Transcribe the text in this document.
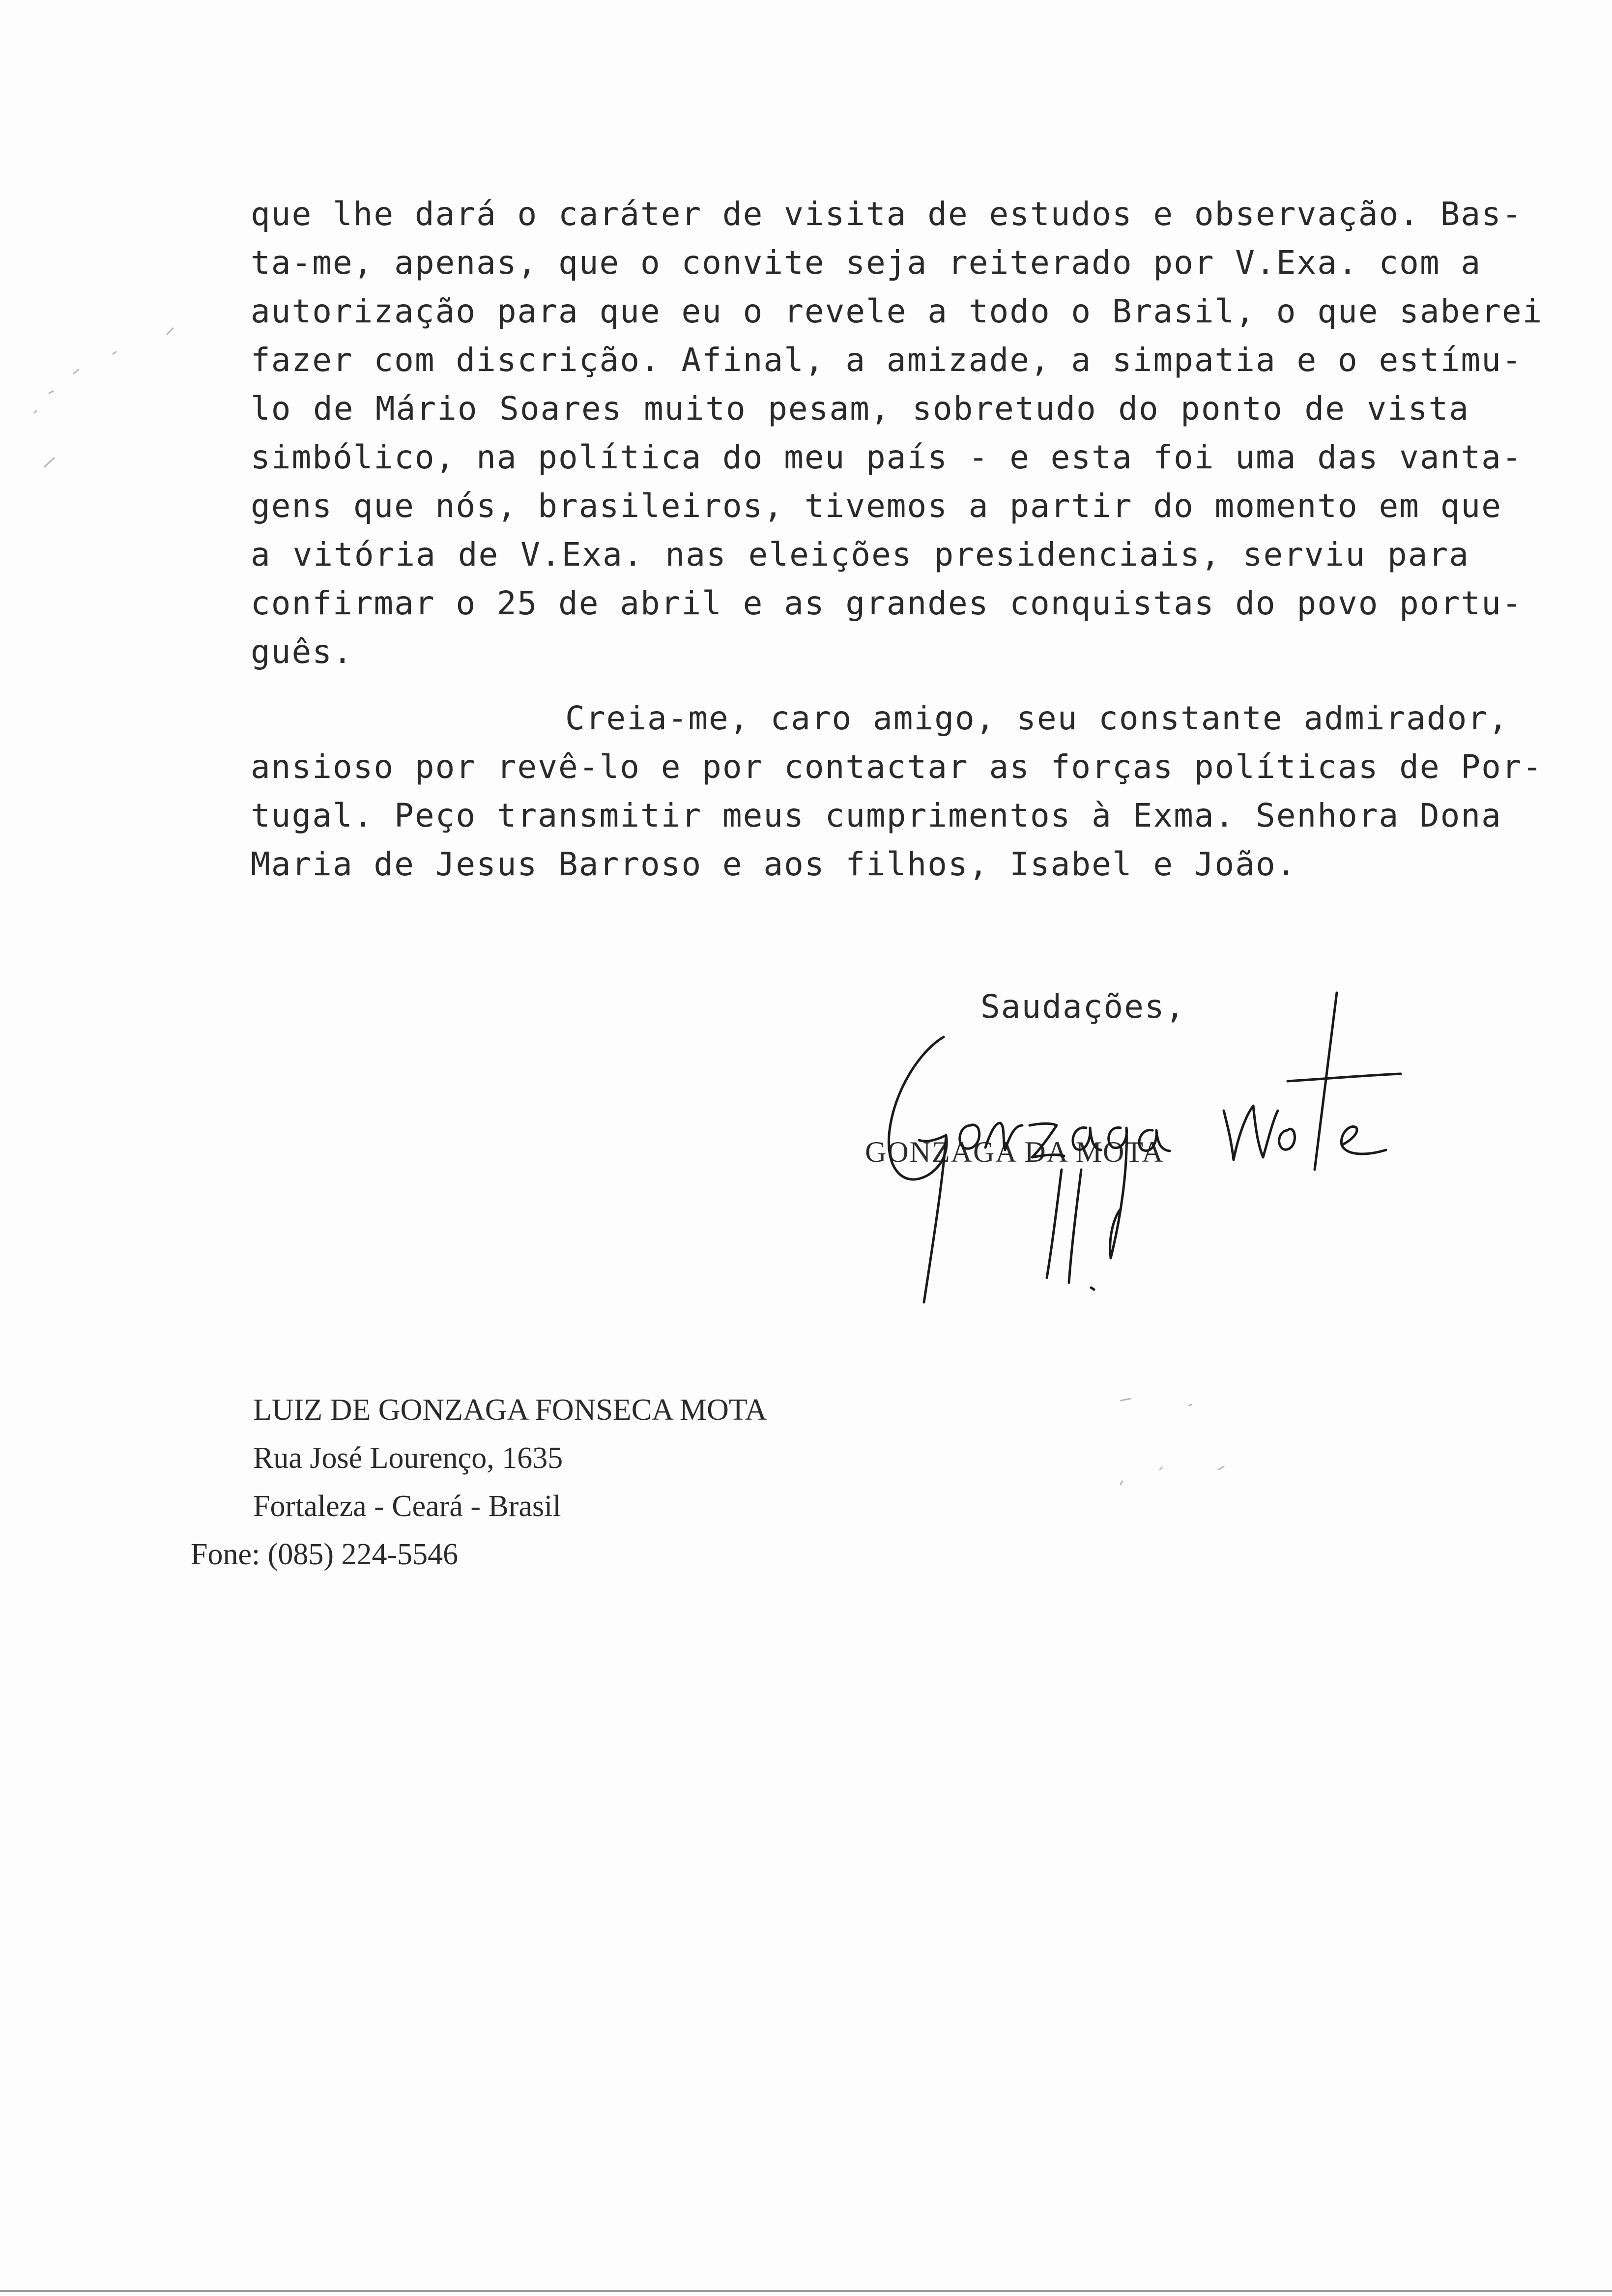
que lhe dará o caráter de visita de estudos e observação. Bas-
ta-me, apenas, que o convite seja reiterado por V.Exa. com a
autorização para que eu o revele a todo o Brasil, o que saberei
fazer com discrição. Afinal, a amizade, a simpatia e o estímu-
lo de Mário Soares muito pesam, sobretudo do ponto de vista
simbólico, na política do meu país - e esta foi uma das vanta-
gens que nós, brasileiros, tivemos a partir do momento em que
a vitória de V.Exa. nas eleições presidenciais, serviu para
confirmar o 25 de abril e as grandes conquistas do povo portu-
guês.
Creia-me, caro amigo, seu constante admirador,
ansioso por revê-lo e por contactar as forças políticas de Por-
tugal. Peço transmitir meus cumprimentos à Exma. Senhora Dona
Maria de Jesus Barroso e aos filhos, Isabel e João.
Saudações,
GONZAGA DA MOTA
LUIZ DE GONZAGA FONSECA MOTA
Rua José Lourenço, 1635
Fortaleza - Ceará - Brasil
Fone: (085) 224-5546
